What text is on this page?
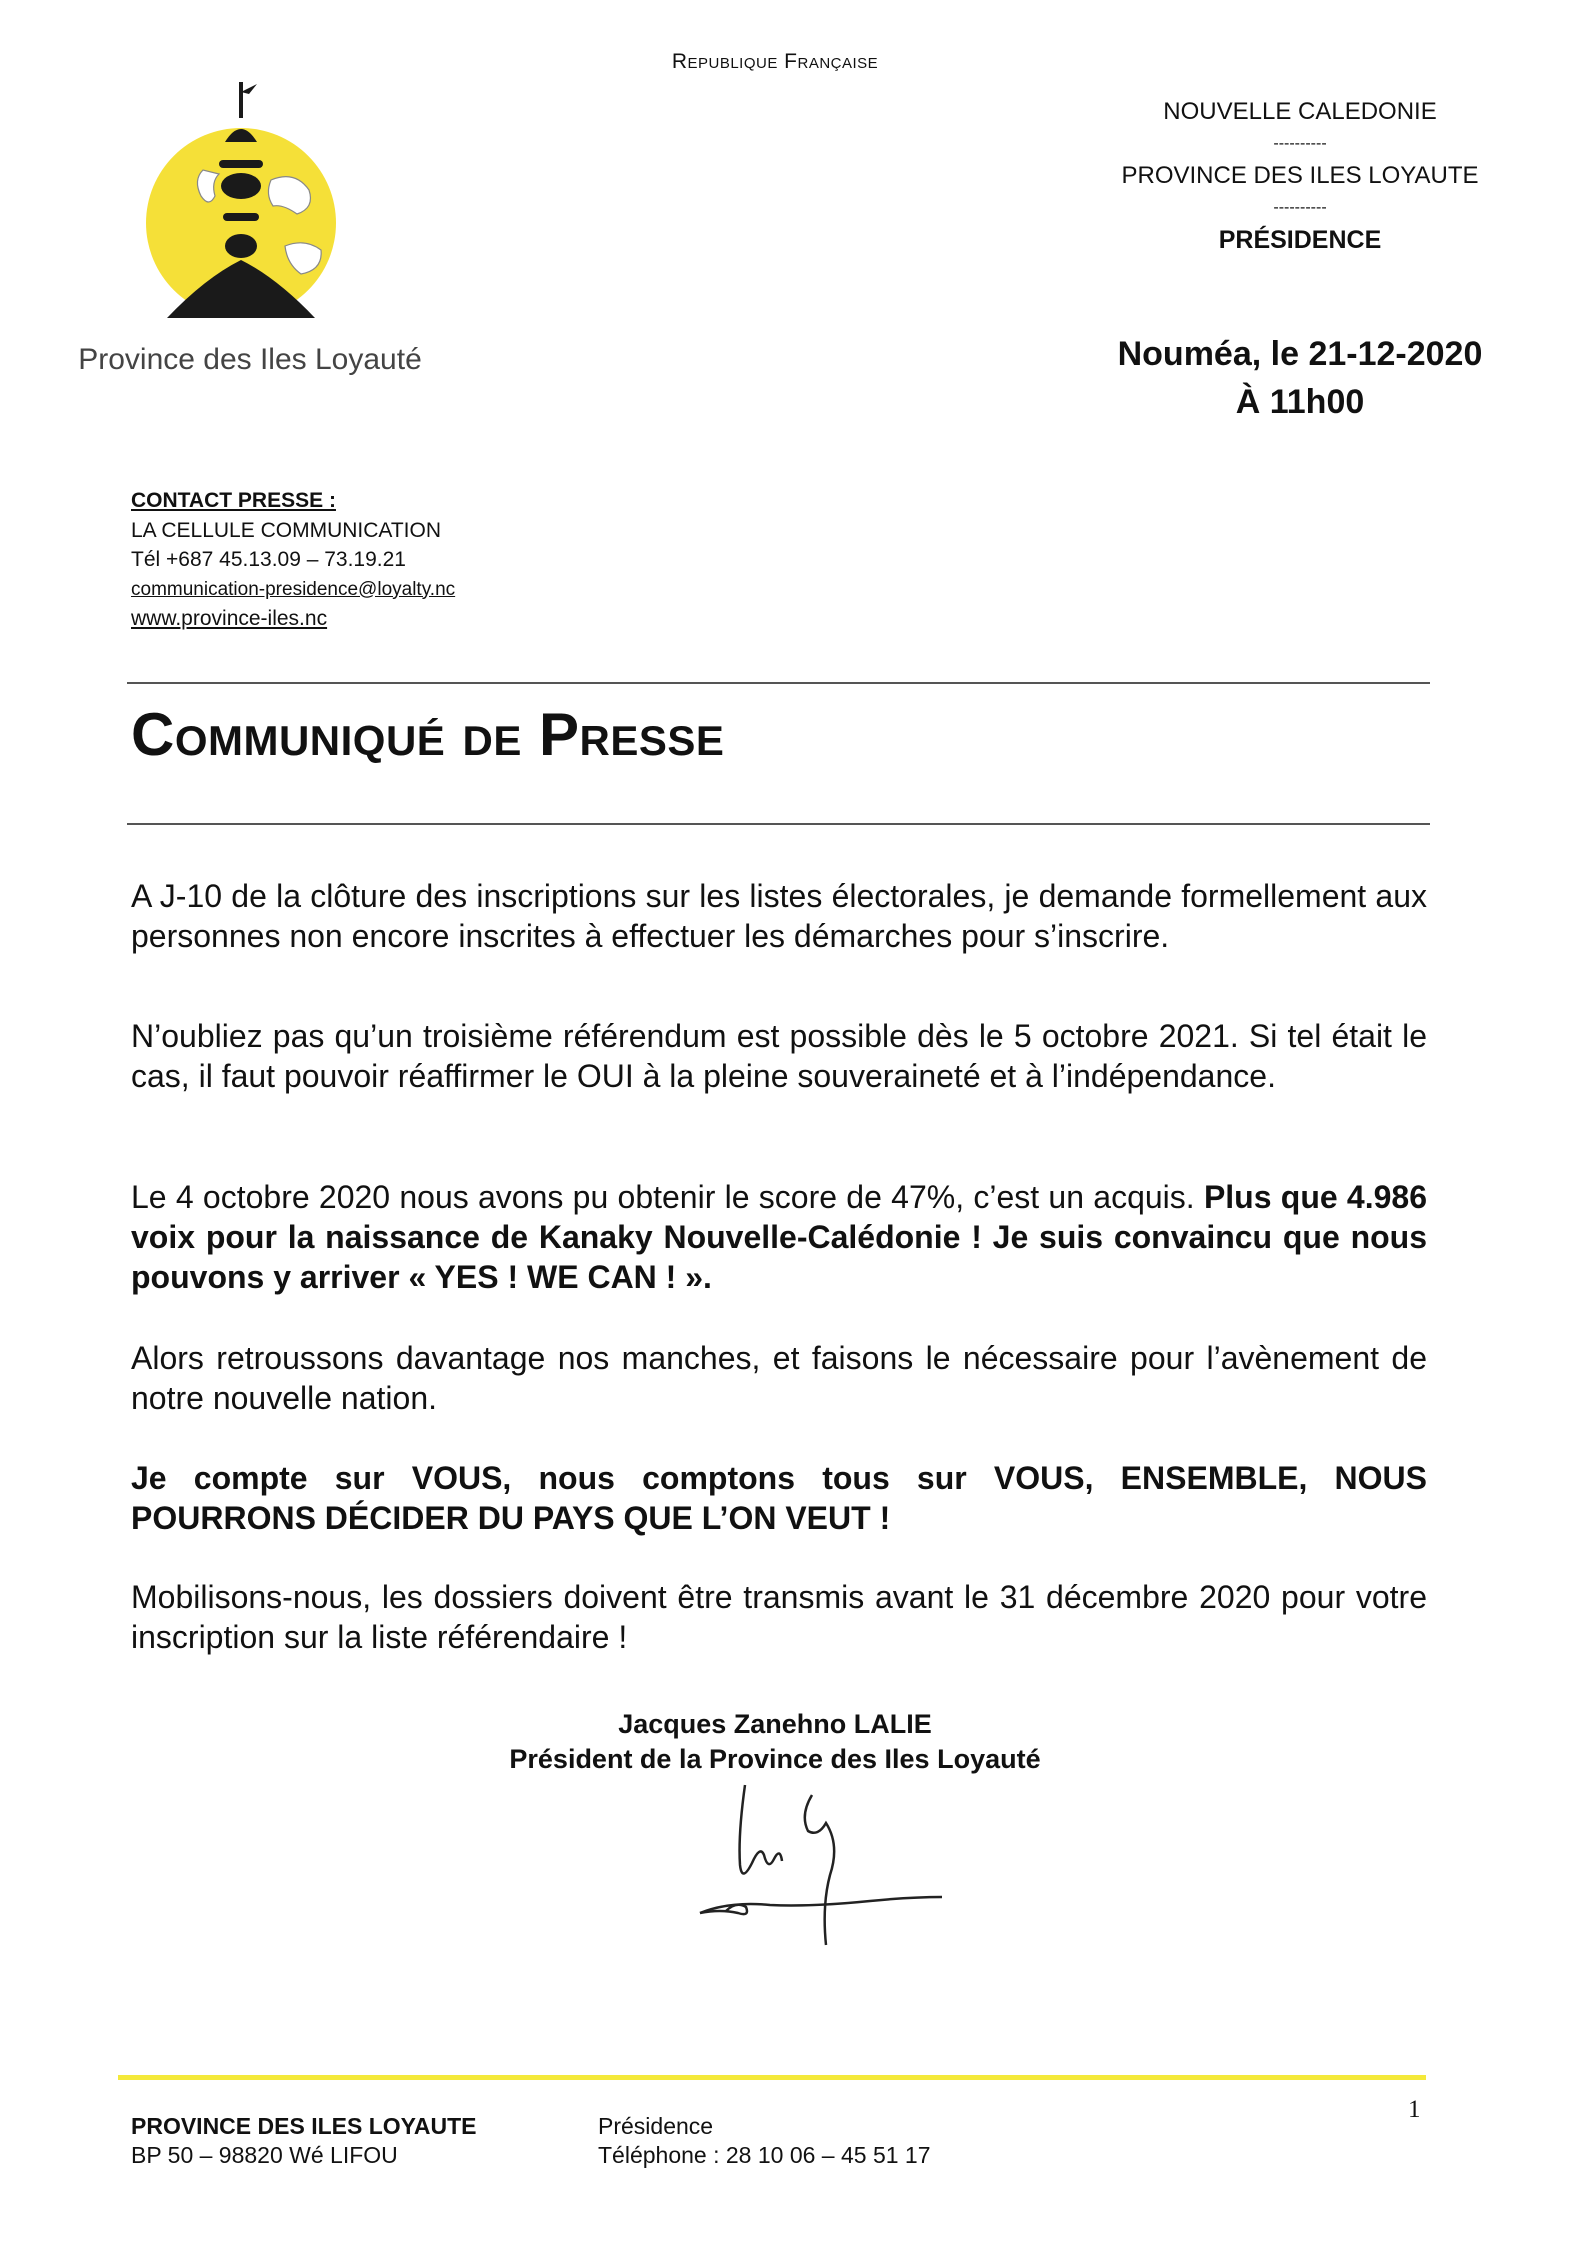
Republique Française
Province des Iles Loyauté
NOUVELLE CALEDONIE
----------
PROVINCE DES ILES LOYAUTE
----------
PRÉSIDENCE
Nouméa, le 21-12-2020
À 11h00
CONTACT PRESSE :
LA CELLULE COMMUNICATION
Tél +687 45.13.09 – 73.19.21
communication-presidence@loyalty.nc
www.province-iles.nc
Communiqué de Presse
A J-10 de la clôture des inscriptions sur les listes électorales, je demande formellement aux personnes non encore inscrites à effectuer les démarches pour s’inscrire.
N’oubliez pas qu’un troisième référendum est possible dès le 5 octobre 2021. Si tel était le cas, il faut pouvoir réaffirmer le OUI à la pleine souveraineté et à l’indépendance.
Le 4 octobre 2020 nous avons pu obtenir le score de 47%, c’est un acquis. Plus que 4.986 voix pour la naissance de Kanaky Nouvelle-Calédonie ! Je suis convaincu que nous pouvons y arriver « YES ! WE CAN ! ».
Alors retroussons davantage nos manches, et faisons le nécessaire pour l’avènement de notre nouvelle nation.
Je compte sur VOUS, nous comptons tous sur VOUS, ENSEMBLE, NOUS POURRONS DÉCIDER DU PAYS QUE L’ON VEUT !
Mobilisons-nous, les dossiers doivent être transmis avant le 31 décembre 2020 pour votre inscription sur la liste référendaire !
Jacques Zanehno LALIE
Président de la Province des Iles Loyauté
1
PROVINCE DES ILES LOYAUTE
BP 50 – 98820 Wé LIFOU
Présidence
Téléphone : 28 10 06 – 45 51 17
